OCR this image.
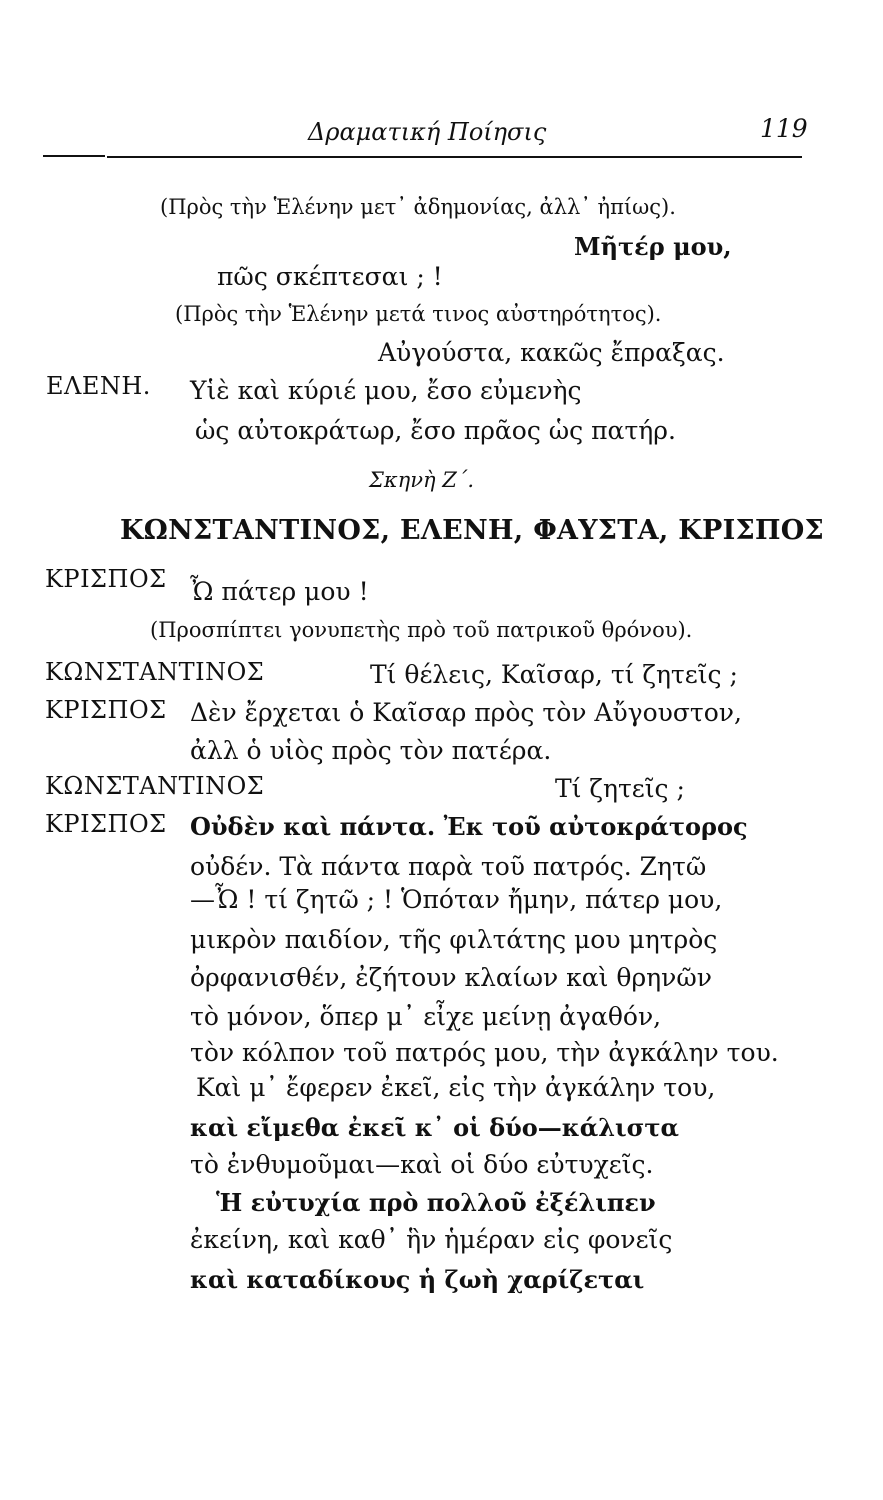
Δραματική Ποίησις	119
(Πρὸς τὴν Ἑλένην μετ᾽ ἀδημονίας, ἀλλ᾽ ἠπίως).
Μῆτέρ μου,
πῶς σκέπτεσαι ; !
(Πρὸς τὴν Ἑλένην μετά τινος αὐστηρότητος).
Αὐγούστα, κακῶς ἔπραξας.
ΕΛΕΝΗ. Υἱὲ καὶ κύριέ μου, ἔσο εὐμενὴς
ὡς αὐτοκράτωρ, ἔσο πρᾶος ὡς πατήρ.
Σκηνὴ Ζ΄.
ΚΩΝΣΤΑΝΤΙΝΟΣ, ΕΛΕΝΗ, ΦΑΥΣΤΑ, ΚΡΙΣΠΟΣ
ΚΡΙΣΠΟΣ Ὦ πάτερ μου !
(Προσπίπτει γονυπετὴς πρὸ τοῦ πατρικοῦ θρόνου).
ΚΩΝΣΤΑΝΤΙΝΟΣ	Τί θέλεις, Καῖσαρ, τί ζητεῖς ;
ΚΡΙΣΠΟΣ Δὲν ἔρχεται ὁ Καῖσαρ πρὸς τὸν Αὔγουστον,
ἀλλ ὁ υἱὸς πρὸς τὸν πατέρα.
ΚΩΝΣΤΑΝΤΙΝΟΣ	Τί ζητεῖς ;
ΚΡΙΣΠΟΣ Οὐδὲν καὶ πάντα. Ἐκ τοῦ αὐτοκράτορος
οὐδέν. Τὰ πάντα παρὰ τοῦ πατρός. Ζητῶ
—Ὦ ! τί ζητῶ ; ! Ὁπόταν ἤμην, πάτερ μου,
μικρὸν παιδίον, τῆς φιλτάτης μου μητρὸς
ὀρφανισθέν, ἐζήτουν κλαίων καὶ θρηνῶν
τὸ μόνον, ὅπερ μ᾽ εἶχε μείνῃ ἀγαθόν,
τὸν κόλπον τοῦ πατρός μου, τὴν ἀγκάλην του.
Καὶ μ᾽ ἔφερεν ἐκεῖ, εἰς τὴν ἀγκάλην του,
καὶ εἴμεθα ἐκεῖ κ᾽ οἱ δύο—κάλιστα
τὸ ἐνθυμοῦμαι—καὶ οἱ δύο εὐτυχεῖς.
Ἡ εὐτυχία πρὸ πολλοῦ ἐξέλιπεν
ἐκείνη, καὶ καθ᾽ ἣν ἡμέραν εἰς φονεῖς
καὶ καταδίκους ἡ ζωὴ χαρίζεται
